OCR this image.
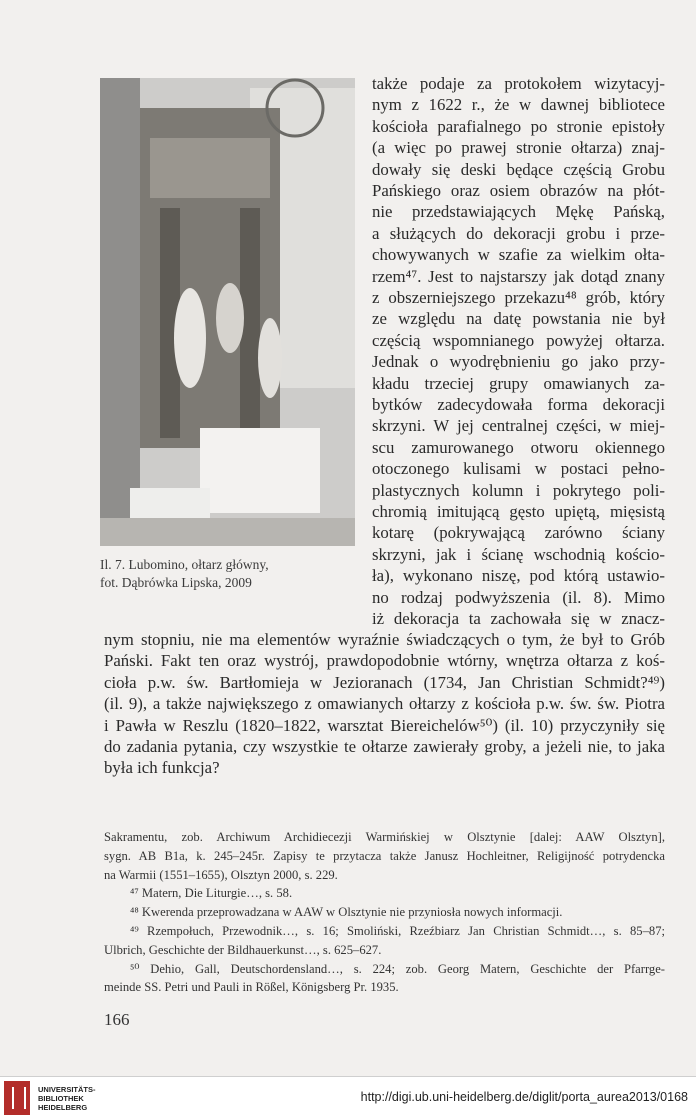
Il. 7. Lubomino, ołtarz główny,
fot. Dąbrówka Lipska, 2009
także podaje za protokołem wizytacyj-
nym z 1622 r., że w dawnej bibliotece
kościoła parafialnego po stronie epistoły
(a więc po prawej stronie ołtarza) znaj-
dowały się deski będące częścią Grobu
Pańskiego oraz osiem obrazów na płót-
nie przedstawiających Mękę Pańską,
a służących do dekoracji grobu i prze-
chowywanych w szafie za wielkim ołta-
rzem⁴⁷. Jest to najstarszy jak dotąd znany
z obszerniejszego przekazu⁴⁸ grób, który
ze względu na datę powstania nie był
częścią wspomnianego powyżej ołtarza.
Jednak o wyodrębnieniu go jako przy-
kładu trzeciej grupy omawianych za-
bytków zadecydowała forma dekoracji
skrzyni. W jej centralnej części, w miej-
scu zamurowanego otworu okiennego
otoczonego kulisami w postaci pełno-
plastycznych kolumn i pokrytego poli-
chromią imitującą gęsto upiętą, mięsistą
kotarę (pokrywającą zarówno ściany
skrzyni, jak i ścianę wschodnią kościo-
ła), wykonano niszę, pod którą ustawio-
no rodzaj podwyższenia (il. 8). Mimo
iż dekoracja ta zachowała się w znacz-
nym stopniu, nie ma elementów wyraźnie świadczących o tym, że był to Grób
Pański. Fakt ten oraz wystrój, prawdopodobnie wtórny, wnętrza ołtarza z koś-
cioła p.w. św. Bartłomieja w Jezioranach (1734, Jan Christian Schmidt?⁴⁹)
(il. 9), a także największego z omawianych ołtarzy z kościoła p.w. św. św. Piotra
i Pawła w Reszlu (1820–1822, warsztat Biereichelów⁵⁰) (il. 10) przyczyniły się
do zadania pytania, czy wszystkie te ołtarze zawierały groby, a jeżeli nie, to jaka
była ich funkcja?
Sakramentu, zob. Archiwum Archidiecezji Warmińskiej w Olsztynie [dalej: AAW Olsztyn],
sygn. AB B1a, k. 245–245r. Zapisy te przytacza także Janusz Hochleitner, Religijność potrydencka
na Warmii (1551–1655), Olsztyn 2000, s. 229.
⁴⁷ Matern, Die Liturgie…, s. 58.
⁴⁸ Kwerenda przeprowadzana w AAW w Olsztynie nie przyniosła nowych informacji.
⁴⁹ Rzempołuch, Przewodnik…, s. 16; Smoliński, Rzeźbiarz Jan Christian Schmidt…, s. 85–87;
Ulbrich, Geschichte der Bildhauerkunst…, s. 625–627.
⁵⁰ Dehio, Gall, Deutschordensland…, s. 224; zob. Georg Matern, Geschichte der Pfarrge-
meinde SS. Petri und Pauli in Rößel, Königsberg Pr. 1935.
166
UNIVERSITÄTS-
BIBLIOTHEK
HEIDELBERG
http://digi.ub.uni-heidelberg.de/diglit/porta_aurea2013/0168
